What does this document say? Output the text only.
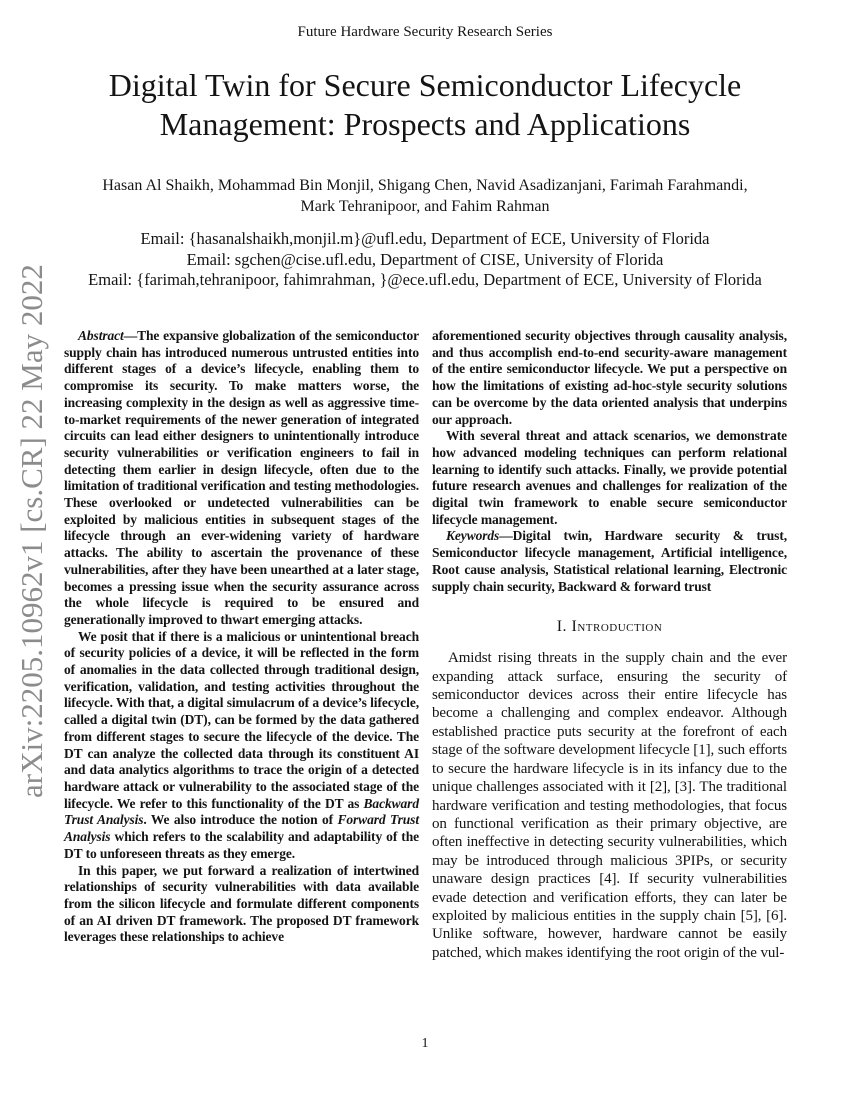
arXiv:2205.10962v1 [cs.CR] 22 May 2022
Future Hardware Security Research Series
Digital Twin for Secure Semiconductor Lifecycle
Management: Prospects and Applications
Hasan Al Shaikh, Mohammad Bin Monjil, Shigang Chen, Navid Asadizanjani, Farimah Farahmandi,
Mark Tehranipoor, and Fahim Rahman
Email: {hasanalshaikh,monjil.m}@ufl.edu, Department of ECE, University of Florida
Email: sgchen@cise.ufl.edu, Department of CISE, University of Florida
Email: {farimah,tehranipoor, fahimrahman, }@ece.ufl.edu, Department of ECE, University of Florida

Abstract—The expansive globalization of the semiconductor supply chain has introduced numerous untrusted entities into different stages of a device’s lifecycle, enabling them to compromise its security. To make matters worse, the increasing complexity in the design as well as aggressive time-to-market requirements of the newer generation of integrated circuits can lead either designers to unintentionally introduce security vulnerabilities or verification engineers to fail in detecting them earlier in design lifecycle, often due to the limitation of traditional verification and testing methodologies. These overlooked or undetected vulnerabilities can be exploited by malicious entities in subsequent stages of the lifecycle through an ever-widening variety of hardware attacks. The ability to ascertain the provenance of these vulnerabilities, after they have been unearthed at a later stage, becomes a pressing issue when the security assurance across the whole lifecycle is required to be ensured and generationally improved to thwart emerging attacks.

We posit that if there is a malicious or unintentional breach of security policies of a device, it will be reflected in the form of anomalies in the data collected through traditional design, verification, validation, and testing activities throughout the lifecycle. With that, a digital simulacrum of a device’s lifecycle, called a digital twin (DT), can be formed by the data gathered from different stages to secure the lifecycle of the device. The DT can analyze the collected data through its constituent AI and data analytics algorithms to trace the origin of a detected hardware attack or vulnerability to the associated stage of the lifecycle. We refer to this functionality of the DT as Backward Trust Analysis. We also introduce the notion of Forward Trust Analysis which refers to the scalability and adaptability of the DT to unforeseen threats as they emerge.

In this paper, we put forward a realization of intertwined relationships of security vulnerabilities with data available from the silicon lifecycle and formulate different components of an AI driven DT framework. The proposed DT framework leverages these relationships to achieve

aforementioned security objectives through causality analysis, and thus accomplish end-to-end security-aware management of the entire semiconductor lifecycle. We put a perspective on how the limitations of existing ad-hoc-style security solutions can be overcome by the data oriented analysis that underpins our approach.

With several threat and attack scenarios, we demonstrate how advanced modeling techniques can perform relational learning to identify such attacks. Finally, we provide potential future research avenues and challenges for realization of the digital twin framework to enable secure semiconductor lifecycle management.

Keywords—Digital twin, Hardware security & trust, Semiconductor lifecycle management, Artificial intelligence, Root cause analysis, Statistical relational learning, Electronic supply chain security, Backward & forward trust

I. Introduction

Amidst rising threats in the supply chain and the ever expanding attack surface, ensuring the security of semiconductor devices across their entire lifecycle has become a challenging and complex endeavor. Although established practice puts security at the forefront of each stage of the software development lifecycle [1], such efforts to secure the hardware lifecycle is in its infancy due to the unique challenges associated with it [2], [3]. The traditional hardware verification and testing methodologies, that focus on functional verification as their primary objective, are often ineffective in detecting security vulnerabilities, which may be introduced through malicious 3PIPs, or security unaware design practices [4]. If security vulnerabilities evade detection and verification efforts, they can later be exploited by malicious entities in the supply chain [5], [6]. Unlike software, however, hardware cannot be easily patched, which makes identifying the root origin of the vul-

1
